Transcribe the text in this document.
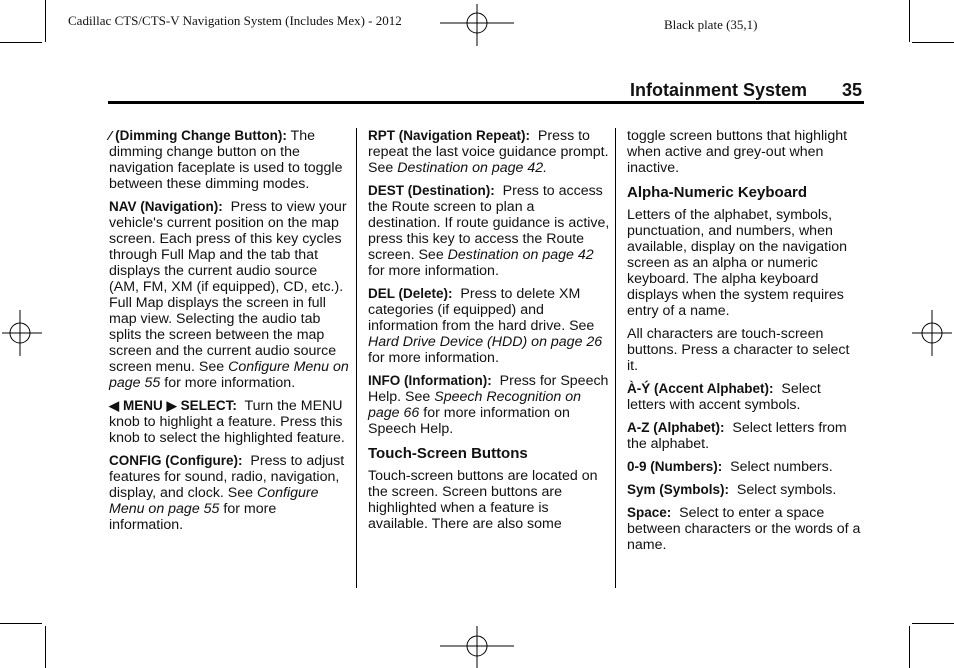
Cadillac CTS/CTS-V Navigation System (Includes Mex) - 2012	Black plate (35,1)
Infotainment System 35

⁄ (Dimming Change Button): The dimming change button on the navigation faceplate is used to toggle between these dimming modes.

NAV (Navigation): Press to view your vehicle's current position on the map screen. Each press of this key cycles through Full Map and the tab that displays the current audio source (AM, FM, XM (if equipped), CD, etc.). Full Map displays the screen in full map view. Selecting the audio tab splits the screen between the map screen and the current audio source screen menu. See Configure Menu on page 55 for more information.

◀ MENU ▶ SELECT: Turn the MENU knob to highlight a feature. Press this knob to select the highlighted feature.

CONFIG (Configure): Press to adjust features for sound, radio, navigation, display, and clock. See Configure Menu on page 55 for more information.

RPT (Navigation Repeat): Press to repeat the last voice guidance prompt. See Destination on page 42.

DEST (Destination): Press to access the Route screen to plan a destination. If route guidance is active, press this key to access the Route screen. See Destination on page 42 for more information.

DEL (Delete): Press to delete XM categories (if equipped) and information from the hard drive. See Hard Drive Device (HDD) on page 26 for more information.

INFO (Information): Press for Speech Help. See Speech Recognition on page 66 for more information on Speech Help.

Touch-Screen Buttons

Touch-screen buttons are located on the screen. Screen buttons are highlighted when a feature is available. There are also some

toggle screen buttons that highlight when active and grey-out when inactive.

Alpha-Numeric Keyboard

Letters of the alphabet, symbols, punctuation, and numbers, when available, display on the navigation screen as an alpha or numeric keyboard. The alpha keyboard displays when the system requires entry of a name.

All characters are touch-screen buttons. Press a character to select it.

À-Ý (Accent Alphabet): Select letters with accent symbols.

A-Z (Alphabet): Select letters from the alphabet.

0-9 (Numbers): Select numbers.

Sym (Symbols): Select symbols.

Space: Select to enter a space between characters or the words of a name.
